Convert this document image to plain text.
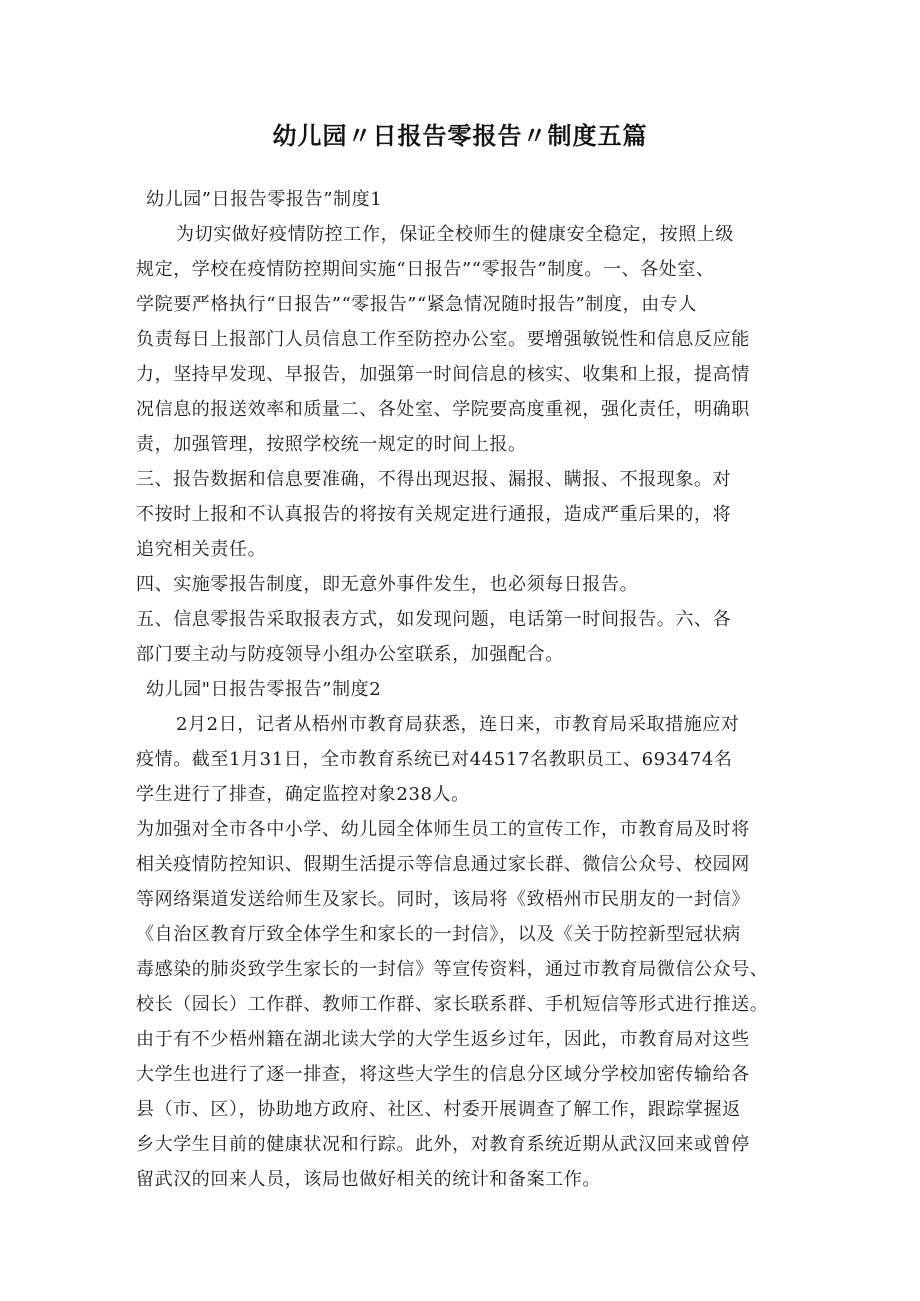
幼儿园〃日报告零报告〃制度五篇
幼儿园”日报告零报告”制度1
为切实做好疫情防控工作，保证全校师生的健康安全稳定，按照上级
规定，学校在疫情防控期间实施“日报告”“零报告”制度。一、各处室、
学院要严格执行“日报告”“零报告”“紧急情况随时报告”制度，由专人
负责每日上报部门人员信息工作至防控办公室。要增强敏锐性和信息反应能
力，坚持早发现、早报告，加强第一时间信息的核实、收集和上报，提高情
况信息的报送效率和质量二、各处室、学院要高度重视，强化责任，明确职
责，加强管理，按照学校统一规定的时间上报。
三、报告数据和信息要准确，不得出现迟报、漏报、瞒报、不报现象。对
不按时上报和不认真报告的将按有关规定进行通报，造成严重后果的，将
追究相关责任。
四、实施零报告制度，即无意外事件发生，也必须每日报告。
五、信息零报告采取报表方式，如发现问题，电话第一时间报告。六、各
部门要主动与防疫领导小组办公室联系，加强配合。
幼儿园"日报告零报告”制度2
2月2日，记者从梧州市教育局获悉，连日来，市教育局采取措施应对
疫情。截至1月31日，全市教育系统已对44517名教职员工、693474名
学生进行了排查，确定监控对象238人。
为加强对全市各中小学、幼儿园全体师生员工的宣传工作，市教育局及时将
相关疫情防控知识、假期生活提示等信息通过家长群、微信公众号、校园网
等网络渠道发送给师生及家长。同时，该局将《致梧州市民朋友的一封信》
《自治区教育厅致全体学生和家长的一封信》，以及《关于防控新型冠状病
毒感染的肺炎致学生家长的一封信》等宣传资料，通过市教育局微信公众号、
校长（园长）工作群、教师工作群、家长联系群、手机短信等形式进行推送。
由于有不少梧州籍在湖北读大学的大学生返乡过年，因此，市教育局对这些
大学生也进行了逐一排查，将这些大学生的信息分区域分学校加密传输给各
县（市、区），协助地方政府、社区、村委开展调查了解工作，跟踪掌握返
乡大学生目前的健康状况和行踪。此外，对教育系统近期从武汉回来或曾停
留武汉的回来人员，该局也做好相关的统计和备案工作。
